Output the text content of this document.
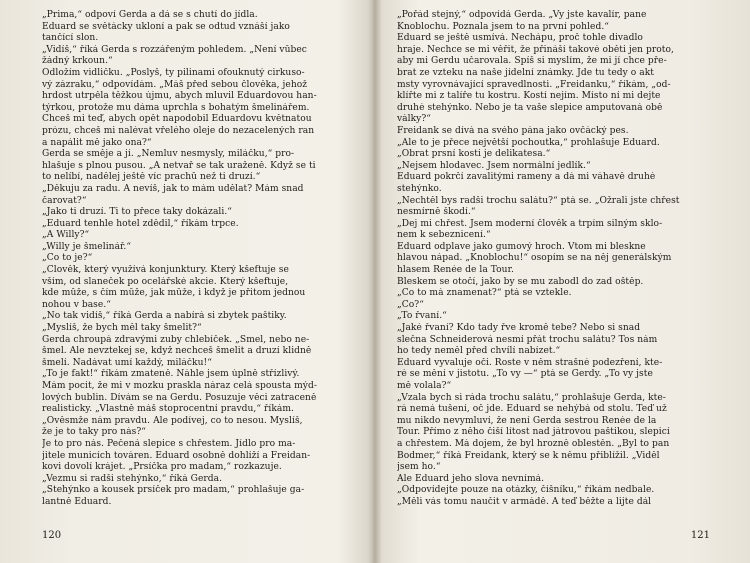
„Prima,“ odpoví Gerda a dá se s chutí do jídla.

Eduard se světácky ukloní a pak se odtud vznáší jako

tančící slon.

„Vidíš,“ říká Gerda s rozzářeným pohledem. „Není vůbec

žádný krkoun.“

Odložím vidličku. „Poslyš, ty pilinami ofouknutý cirkuso-

vý zázraku,“ odpovídám. „Máš před sebou člověka, jehož

hrdost utrpěla těžkou újmu, abych mluvil Eduardovou han-

týrkou, protože mu dáma uprchla s bohatým šmelinářem.

Chceš mi teď, abych opět napodobil Eduardovu květnatou

prózu, chceš mi nalévat vřelého oleje do nezacelených ran

a napálit mě jako ona?“

Gerda se směje a jí. „Nemluv nesmysly, miláčku,“ pro-

hlašuje s plnou pusou. „A netvař se tak uraženě. Když se ti

to nelíbí, nadělej ještě víc prachů než ti druzí.“

„Děkuju za radu. A nevíš, jak to mám udělat? Mám snad

čarovat?“

„Jako ti druzí. Ti to přece taky dokázali.“

„Eduard tenhle hotel zdědil,“ říkám trpce.

„A Willy?“

„Willy je šmelinář.“

„Co to je?“

„Člověk, který využívá konjunktury. Který kšeftuje se

vším, od slaneček po ocelářské akcie. Který kšeftuje,

kde může, s čím může, jak může, i když je přitom jednou

nohou v base.“

„No tak vidíš,“ říká Gerda a nabírá si zbytek paštiky.

„Myslíš, že bych měl taky šmelit?“

Gerda chroupá zdravými zuby chlebíček. „Šmel, nebo ne-

šmel. Ale nevztekej se, když nechceš šmelit a druzí klidně

šmelí. Nadávat umí každý, miláčku!“

„To je fakt!“ říkám zmateně. Náhle jsem úplně střízlivý.

Mám pocit, že mi v mozku praskla náraz celá spousta mýd-

lových bublin. Dívám se na Gerdu. Posuzuje věci zatraceně

realisticky. „Vlastně máš stoprocentní pravdu,“ říkám.

„Ověsmže nám pravdu. Ale podívej, co to nesou. Myslíš,

že je to taky pro nás?“

Je to pro nás. Pečená slepice s chřestem. Jídlo pro ma-

jitele municích továren. Eduard osobně dohlíží a Freidan-

kovi dovolí krájet. „Prsíčka pro madam,“ rozkazuje.

„Vezmu si radši stehýnko,“ říká Gerda.

„Stehýnko a kousek prsíček pro madam,“ prohlašuje ga-

lantně Eduard.

120

„Pořád stejný,“ odpovídá Gerda. „Vy jste kavalír, pane

Knoblochu. Poznala jsem to na první pohled.“

Eduard se ještě usmívá. Nechápu, proč tohle divadlo

hraje. Nechce se mi věřit, že přináší takové oběti jen proto,

aby mi Gerdu učarovala. Spíš si myslím, že mi jí chce pře-

brat ze vzteku na naše jídelní známky. Jde tu tedy o akt

msty vyrovnávající spravedlnosti. „Freidanku,“ říkám, „od-

klířte mi z talíře tu kostru. Kostí nejím. Místo ní mi dejte

druhé stehýnko. Nebo je ta vaše slepice amputovaná obě

války?“

Freidank se dívá na svého pána jako ovčácký pes.

„Ale to je přece největší pochoutka,“ prohlašuje Eduard.

„Obrat prsní kosti je delikatesa.“

„Nejsem hlodavec. Jsem normální jedlík.“

Eduard pokrčí zavalitými rameny a dá mi váhavě druhé

stehýnko.

„Nechtěl bys radši trochu salátu?“ ptá se. „Ožrali jste chřest

nesmírně škodí.“

„Dej mi chřest. Jsem moderní člověk a trpím silným sklo-

nem k sebeznicení.“

Eduard odplave jako gumový hroch. Vtom mi bleskne

hlavou nápad. „Knoblochu!“ osopím se na něj generálským

hlasem Renée de la Tour.

Bleskem se otočí, jako by se mu zabodl do zad oštěp.

„Co to má znamenat?“ ptá se vztekle.

„Co?“

„To řvaní.“

„Jaké řvaní? Kdo tady řve kromě tebe? Nebo si snad

slečna Schneiderová nesmí přát trochu salátu? Tos nám

ho tedy neměl před chvílí nabízet.“

Eduard vyvaluje oči. Roste v něm strašné podezření, kte-

ré se mění v jistotu. „To vy —“ ptá se Gerdy. „To vy jste

mě volala?“

„Vzala bych si ráda trochu salátu,“ prohlašuje Gerda, kte-

rá nemá tušení, oč jde. Eduard se nehýbá od stolu. Teď už

mu nikdo nevymluví, že není Gerda sestrou Renée de la

Tour. Přímo z něho čiší lítost nad játrovou paštikou, slepicí

a chřestem. Má dojem, že byl hrozně oblestěn. „Byl to pan

Bodmer,“ říká Freidank, který se k němu přiblížil. „Viděl

jsem ho.“

Ale Eduard jeho slova nevnímá.

„Odpovídejte pouze na otázky, číšníku,“ říkám nedbale.

„Měli vás tomu naučit v armádě. A teď běžte a lijte dál

121
